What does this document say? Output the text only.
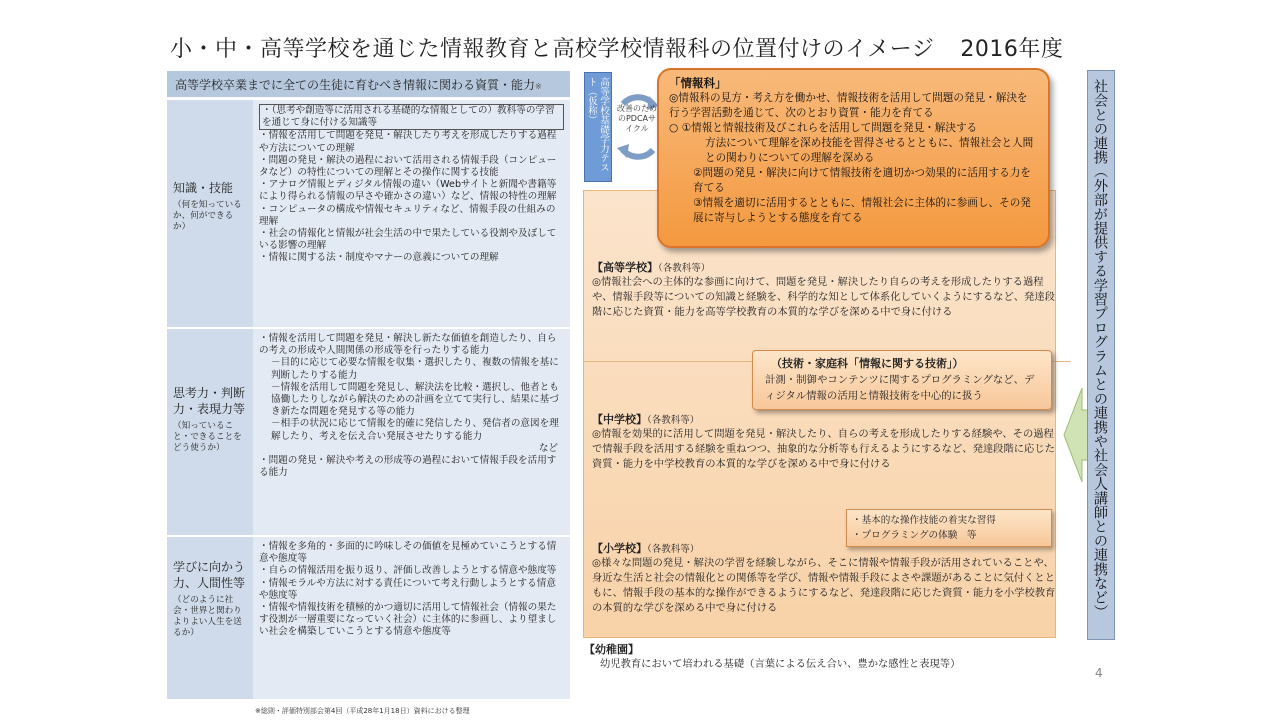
小・中・高等学校を通じた情報教育と高校学校情報科の位置付けのイメージ 2016年度
高等学校卒業までに全ての生徒に育むべき情報に関わる資質・能力※
知識・技能
（何を知っているか、何ができるか）
・（思考や創造等に活用される基礎的な情報としての）教科等の学習を通じて身に付ける知識等
・情報を活用して問題を発見・解決したり考えを形成したりする過程や方法についての理解
・問題の発見・解決の過程において活用される情報手段（コンピュータなど）の特性についての理解とその操作に関する技能
・アナログ情報とディジタル情報の違い（Webサイトと新聞や書籍等により得られる情報の早さや確かさの違い）など、情報の特性の理解
・コンピュータの構成や情報セキュリティなど、情報手段の仕組みの理解
・社会の情報化と情報が社会生活の中で果たしている役割や及ぼしている影響の理解
・情報に関する法・制度やマナーの意義についての理解
思考力・判断力・表現力等
（知っていること・できることをどう使うか）
・情報を活用して問題を発見・解決し新たな価値を創造したり、自らの考えの形成や人間関係の形成等を行ったりする能力
－目的に応じて必要な情報を収集・選択したり、複数の情報を基に判断したりする能力
－情報を活用して問題を発見し、解決法を比較・選択し、他者とも協働したりしながら解決のための計画を立てて実行し、結果に基づき新たな問題を発見する等の能力
－相手の状況に応じて情報を的確に発信したり、発信者の意図を理解したり、考えを伝え合い発展させたりする能力
など
・問題の発見・解決や考えの形成等の過程において情報手段を活用する能力
学びに向かう力、人間性等
（どのように社会・世界と関わりよりよい人生を送るか）
・情報を多角的・多面的に吟味しその価値を見極めていこうとする情意や態度等
・自らの情報活用を振り返り、評価し改善しようとする情意や態度等
・情報モラルや方法に対する責任について考え行動しようとする情意や態度等
・情報や情報技術を積極的かつ適切に活用して情報社会（情報の果たす役割が一層重要になっていく社会）に主体的に参画し、より望ましい社会を構築していこうとする情意や態度等
※総則・評価特別部会第4回（平成28年1月18日）資料における整理
高等学校基礎学力テスト（仮称）	改善のためのPDCAサイクル
【高等学校】（各教科等）
◎情報社会への主体的な参画に向けて、問題を発見・解決したり自らの考えを形成したりする過程や、情報手段等についての知識と経験を、科学的な知として体系化していくようにするなど、発達段階に応じた資質・能力を高等学校教育の本質的な学びを深める中で身に付ける
【中学校】（各教科等）
◎情報を効果的に活用して問題を発見・解決したり、自らの考えを形成したりする経験や、その過程で情報手段を活用する経験を重ねつつ、抽象的な分析等も行えるようにするなど、発達段階に応じた資質・能力を中学校教育の本質的な学びを深める中で身に付ける
【小学校】（各教科等）
◎様々な問題の発見・解決の学習を経験しながら、そこに情報や情報手段が活用されていることや、身近な生活と社会の情報化との関係等を学び、情報や情報手段によさや課題があることに気付くとともに、情報手段の基本的な操作ができるようにするなど、発達段階に応じた資質・能力を小学校教育の本質的な学びを深める中で身に付ける
「情報科」
◎情報科の見方・考え方を働かせ、情報技術を活用して問題の発見・解決を行う学習活動を通じて、次のとおり資質・能力を育てる
○ ①情報と情報技術及びこれらを活用して問題を発見・解決する
方法について理解を深め技能を習得させるとともに、情報社会と人間との関わりについての理解を深める
②問題の発見・解決に向けて情報技術を適切かつ効果的に活用する力を育てる
③情報を適切に活用するとともに、情報社会に主体的に参画し、その発展に寄与しようとする態度を育てる
（技術・家庭科「情報に関する技術」）
計測・制御やコンテンツに関するプログラミングなど、ディジタル情報の活用と情報技術を中心的に扱う
・基本的な操作技能の着実な習得
・プログラミングの体験　等
【幼稚園】
幼児教育において培われる基礎（言葉による伝え合い、豊かな感性と表現等）
4
社会との連携（外部が提供する学習プログラムとの連携や社会人講師との連携など）
